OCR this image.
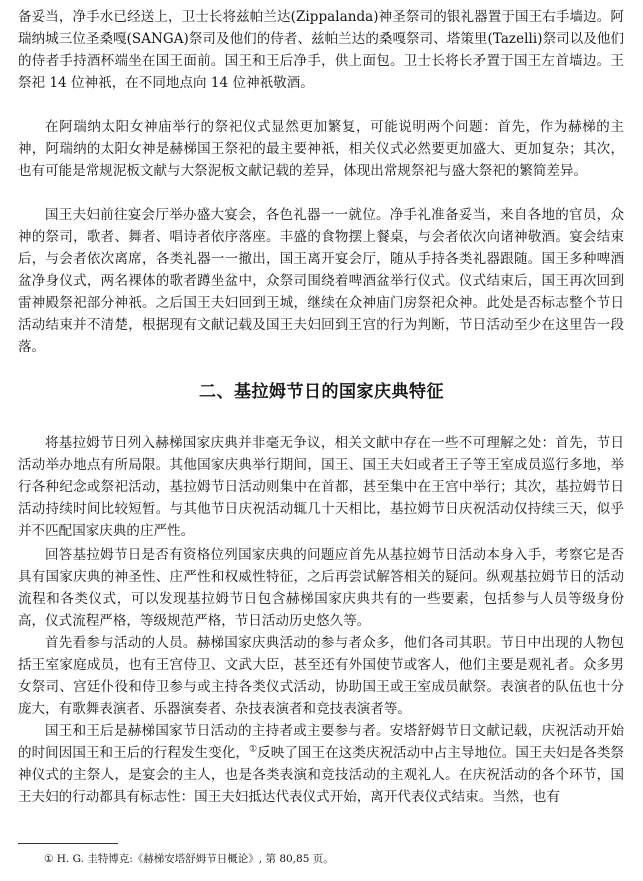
备妥当，净手水已经送上，卫士长将兹帕兰达(Zippalanda)神圣祭司的银礼器置于国王右手墙边。阿瑞纳城三位圣桑嘎(SANGA)祭司及他们的侍者、兹帕兰达的桑嘎祭司、塔策里(Tazelli)祭司以及他们的侍者手持酒杯端坐在国王面前。国王和王后净手，供上面包。卫士长将长矛置于国王左首墙边。王祭祀 14 位神祇，在不同地点向 14 位神祇敬酒。

在阿瑞纳太阳女神庙举行的祭祀仪式显然更加繁复，可能说明两个问题：首先，作为赫梯的主神，阿瑞纳的太阳女神是赫梯国王祭祀的最主要神祇，相关仪式必然要更加盛大、更加复杂；其次，也有可能是常规泥板文献与大祭泥板文献记载的差异，体现出常规祭祀与盛大祭祀的繁简差异。

国王夫妇前往宴会厅举办盛大宴会，各色礼器一一就位。净手礼准备妥当，来自各地的官员，众神的祭司，歌者、舞者、唱诗者依序落座。丰盛的食物摆上餐桌，与会者依次向诸神敬酒。宴会结束后，与会者依次离席，各类礼器一一撤出，国王离开宴会厅，随从手持各类礼器跟随。国王多种啤酒盆净身仪式，两名裸体的歌者蹲坐盆中，众祭司围绕着啤酒盆举行仪式。仪式结束后，国王再次回到雷神殿祭祀部分神祇。之后国王夫妇回到王城，继续在众神庙门房祭祀众神。此处是否标志整个节日活动结束并不清楚，根据现有文献记载及国王夫妇回到王宫的行为判断，节日活动至少在这里告一段落。

二、基拉姆节日的国家庆典特征

将基拉姆节日列入赫梯国家庆典并非毫无争议，相关文献中存在一些不可理解之处：首先，节日活动举办地点有所局限。其他国家庆典举行期间，国王、国王夫妇或者王子等王室成员巡行多地，举行各种纪念或祭祀活动，基拉姆节日活动则集中在首都，甚至集中在王宫中举行；其次，基拉姆节日活动持续时间比较短暂。与其他节日庆祝活动辄几十天相比，基拉姆节日庆祝活动仅持续三天，似乎并不匹配国家庆典的庄严性。

回答基拉姆节日是否有资格位列国家庆典的问题应首先从基拉姆节日活动本身入手，考察它是否具有国家庆典的神圣性、庄严性和权威性特征，之后再尝试解答相关的疑问。纵观基拉姆节日的活动流程和各类仪式，可以发现基拉姆节日包含赫梯国家庆典共有的一些要素，包括参与人员等级身份高，仪式流程严格，等级规范严格，节日活动历史悠久等。

首先看参与活动的人员。赫梯国家庆典活动的参与者众多，他们各司其职。节日中出现的人物包括王室家庭成员，也有王宫侍卫、文武大臣，甚至还有外国使节或客人，他们主要是观礼者。众多男女祭司、宫廷仆役和侍卫参与或主持各类仪式活动，协助国王或王室成员献祭。表演者的队伍也十分庞大，有歌舞表演者、乐器演奏者、杂技表演者和竞技表演者等。

国王和王后是赫梯国家节日活动的主持者或主要参与者。安塔舒姆节日文献记载，庆祝活动开始的时间因国王和王后的行程发生变化，①反映了国王在这类庆祝活动中占主导地位。国王夫妇是各类祭神仪式的主祭人，是宴会的主人，也是各类表演和竞技活动的主观礼人。在庆祝活动的各个环节，国王夫妇的行动都具有标志性：国王夫妇抵达代表仪式开始，离开代表仪式结束。当然，也有

① H. G. 圭特博克:《赫梯安塔舒姆节日概论》, 第 80,85 页。
